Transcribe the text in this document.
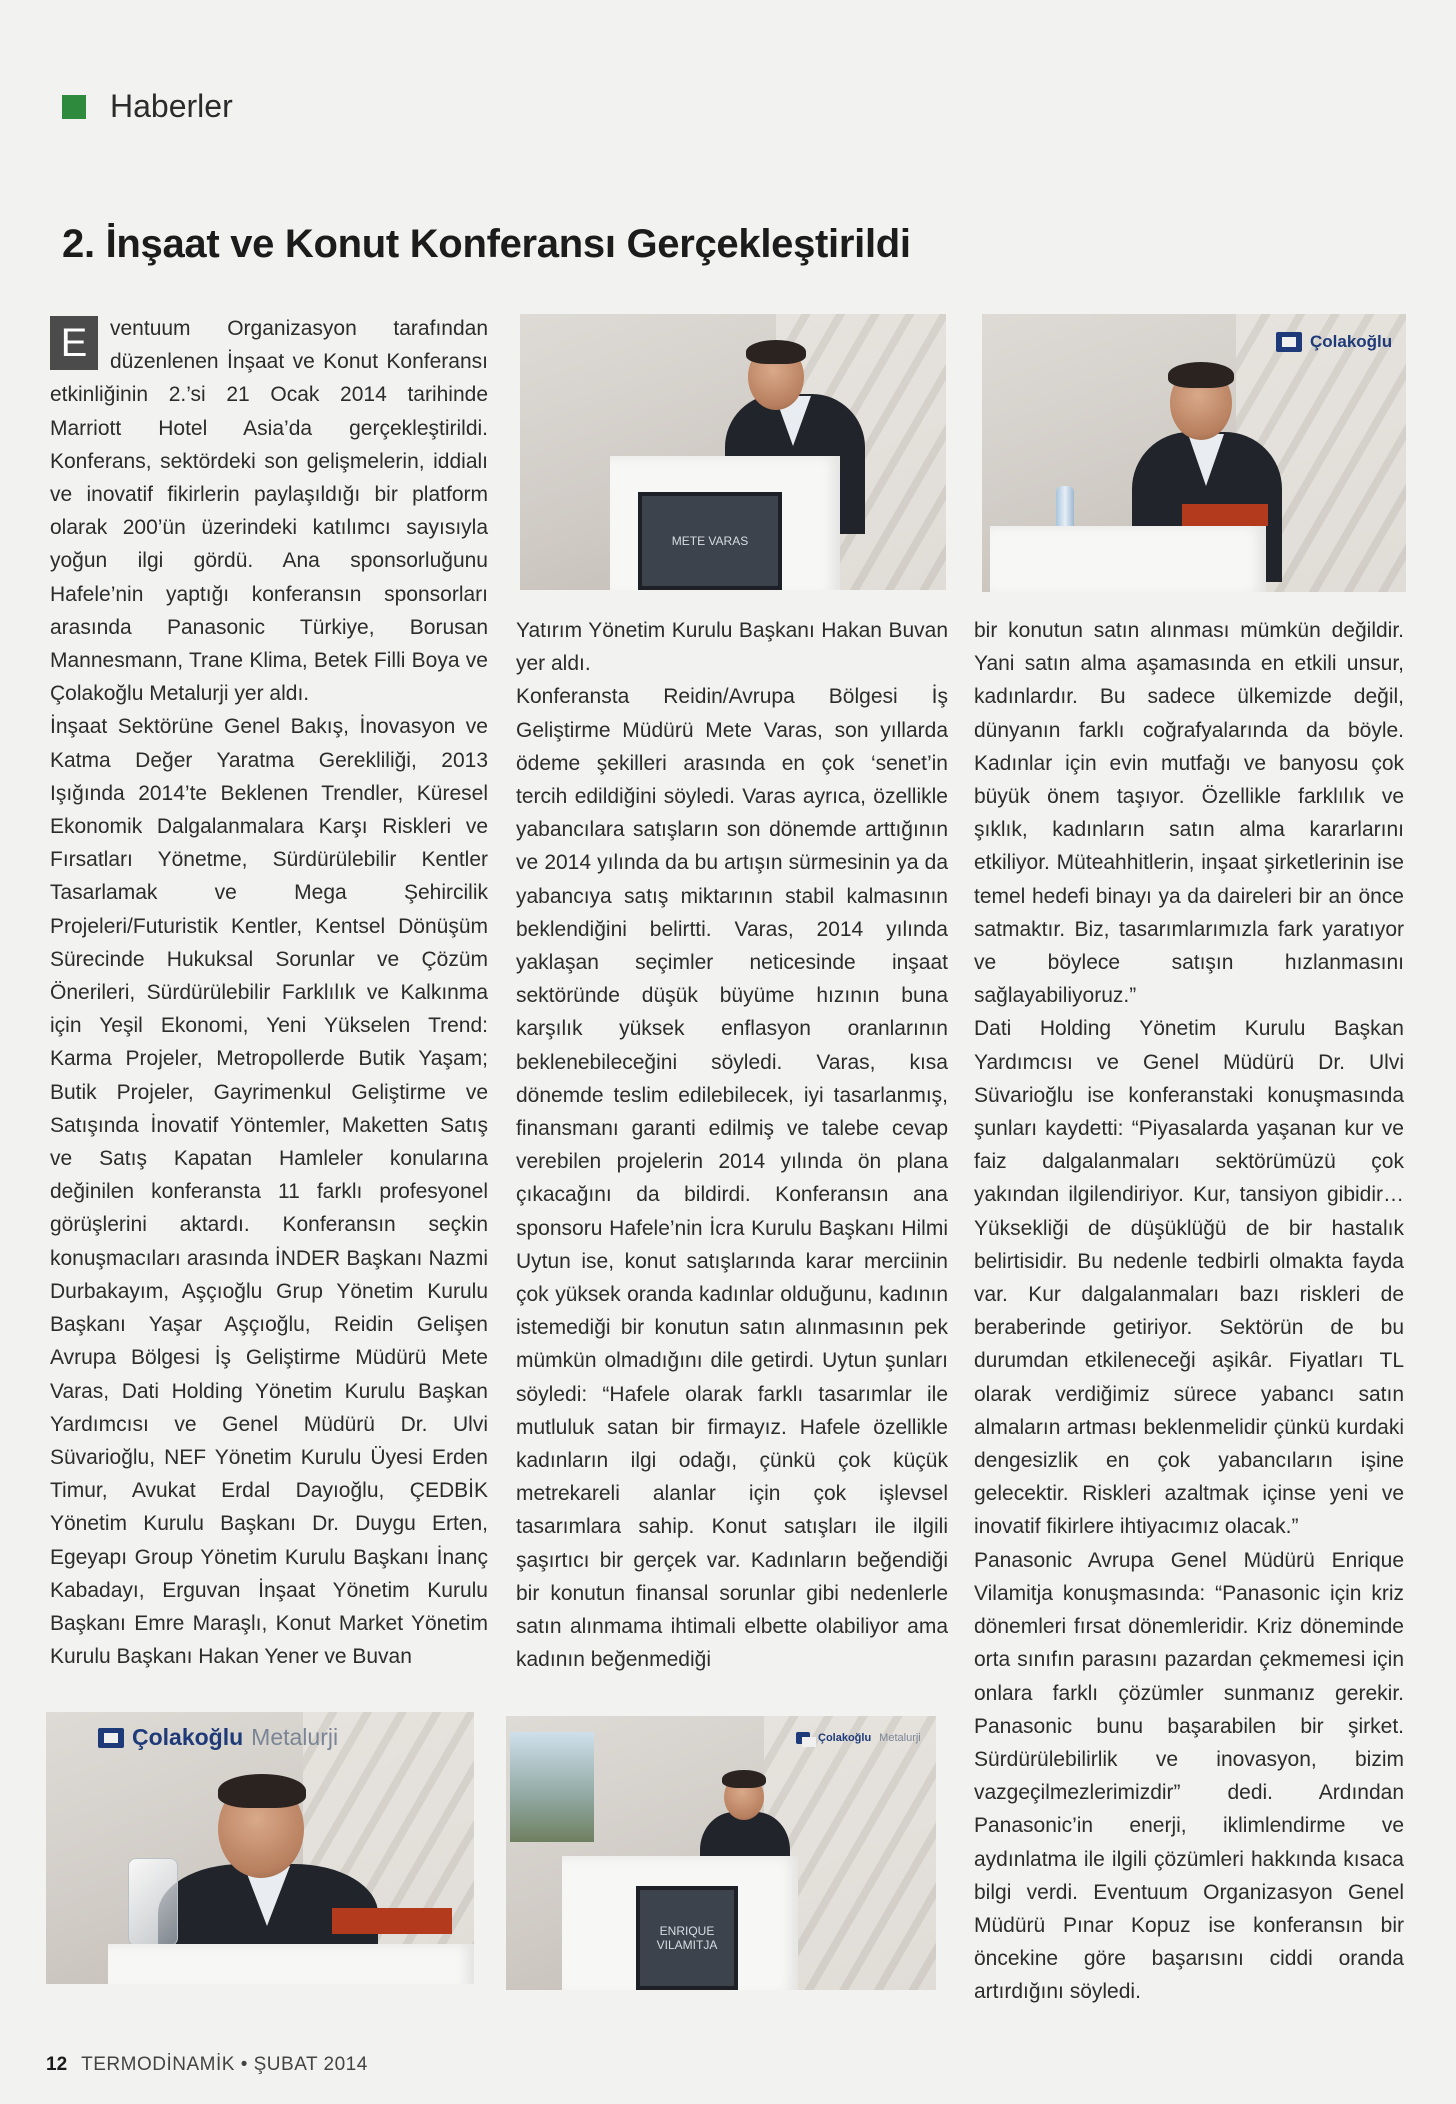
Haberler
2. İnşaat ve Konut Konferansı Gerçekleştirildi

E	ventuum Organizasyon tarafından düzenlenen İnşaat ve Konut Konferansı etkinliğinin 2.’si 21 Ocak 2014 tarihinde Marriott Hotel Asia’da gerçekleştirildi. Konferans, sektördeki son gelişmelerin, iddialı ve inovatif fikirlerin paylaşıldığı bir platform olarak 200’ün üzerindeki katılımcı sayısıyla yoğun ilgi gördü. Ana sponsorluğunu Hafele’nin yaptığı konferansın sponsorları arasında Panasonic Türkiye, Borusan Mannesmann, Trane Klima, Betek Filli Boya ve Çolakoğlu Metalurji yer aldı.

İnşaat Sektörüne Genel Bakış, İnovasyon ve Katma Değer Yaratma Gerekliliği, 2013 Işığında 2014’te Beklenen Trendler, Küresel Ekonomik Dalgalanmalara Karşı Riskleri ve Fırsatları Yönetme, Sürdürülebilir Kentler Tasarlamak ve Mega Şehircilik Projeleri/Futuristik Kentler, Kentsel Dönüşüm Sürecinde Hukuksal Sorunlar ve Çözüm Önerileri, Sürdürülebilir Farklılık ve Kalkınma için Yeşil Ekonomi, Yeni Yükselen Trend: Karma Projeler, Metropollerde Butik Yaşam; Butik Projeler, Gayrimenkul Geliştirme ve Satışında İnovatif Yöntemler, Maketten Satış ve Satış Kapatan Hamleler konularına değinilen konferansta 11 farklı profesyonel görüşlerini aktardı. Konferansın seçkin konuşmacıları arasında İNDER Başkanı Nazmi Durbakayım, Aşçıoğlu Grup Yönetim Kurulu Başkanı Yaşar Aşçıoğlu, Reidin Gelişen Avrupa Bölgesi İş Geliştirme Müdürü Mete Varas, Dati Holding Yönetim Kurulu Başkan Yardımcısı ve Genel Müdürü Dr. Ulvi Süvarioğlu, NEF Yönetim Kurulu Üyesi Erden Timur, Avukat Erdal Dayıoğlu, ÇEDBİK Yönetim Kurulu Başkanı Dr. Duygu Erten, Egeyapı Group Yönetim Kurulu Başkanı İnanç Kabadayı, Erguvan İnşaat Yönetim Kurulu Başkanı Emre Maraşlı, Konut Market Yönetim Kurulu Başkanı Hakan Yener ve Buvan

Yatırım Yönetim Kurulu Başkanı Hakan Buvan yer aldı.

Konferansta Reidin/Avrupa Bölgesi İş Geliştirme Müdürü Mete Varas, son yıllarda ödeme şekilleri arasında en çok ‘senet’in tercih edildiğini söyledi. Varas ayrıca, özellikle yabancılara satışların son dönemde arttığının ve 2014 yılında da bu artışın sürmesinin ya da yabancıya satış miktarının stabil kalmasının beklendiğini belirtti. Varas, 2014 yılında yaklaşan seçimler neticesinde inşaat sektöründe düşük büyüme hızının buna karşılık yüksek enflasyon oranlarının beklenebileceğini söyledi. Varas, kısa dönemde teslim edilebilecek, iyi tasarlanmış, finansmanı garanti edilmiş ve talebe cevap verebilen projelerin 2014 yılında ön plana çıkacağını da bildirdi. Konferansın ana sponsoru Hafele’nin İcra Kurulu Başkanı Hilmi Uytun ise, konut satışlarında karar merciinin çok yüksek oranda kadınlar olduğunu, kadının istemediği bir konutun satın alınmasının pek mümkün olmadığını dile getirdi. Uytun şunları söyledi: “Hafele olarak farklı tasarımlar ile mutluluk satan bir firmayız. Hafele özellikle kadınların ilgi odağı, çünkü çok küçük metrekareli alanlar için çok işlevsel tasarımlara sahip. Konut satışları ile ilgili şaşırtıcı bir gerçek var. Kadınların beğendiği bir konutun finansal sorunlar gibi nedenlerle satın alınmama ihtimali elbette olabiliyor ama kadının beğenmediği

bir konutun satın alınması mümkün değildir. Yani satın alma aşamasında en etkili unsur, kadınlardır. Bu sadece ülkemizde değil, dünyanın farklı coğrafyalarında da böyle. Kadınlar için evin mutfağı ve banyosu çok büyük önem taşıyor. Özellikle farklılık ve şıklık, kadınların satın alma kararlarını etkiliyor. Müteahhitlerin, inşaat şirketlerinin ise temel hedefi binayı ya da daireleri bir an önce satmaktır. Biz, tasarımlarımızla fark yaratıyor ve böylece satışın hızlanmasını sağlayabiliyoruz.”

Dati Holding Yönetim Kurulu Başkan Yardımcısı ve Genel Müdürü Dr. Ulvi Süvarioğlu ise konferanstaki konuşmasında şunları kaydetti: “Piyasalarda yaşanan kur ve faiz dalgalanmaları sektörümüzü çok yakından ilgilendiriyor. Kur, tansiyon gibidir… Yüksekliği de düşüklüğü de bir hastalık belirtisidir. Bu nedenle tedbirli olmakta fayda var. Kur dalgalanmaları bazı riskleri de beraberinde getiriyor. Sektörün de bu durumdan etkileneceği aşikâr. Fiyatları TL olarak verdiğimiz sürece yabancı satın almaların artması beklenmelidir çünkü kurdaki dengesizlik en çok yabancıların işine gelecektir. Riskleri azaltmak içinse yeni ve inovatif fikirlere ihtiyacımız olacak.”

Panasonic Avrupa Genel Müdürü Enrique Vilamitja konuşmasında: “Panasonic için kriz dönemleri fırsat dönemleridir. Kriz döneminde orta sınıfın parasını pazardan çekmemesi için onlara farklı çözümler sunmanız gerekir. Panasonic bunu başarabilen bir şirket. Sürdürülebilirlik ve inovasyon, bizim vazgeçilmezlerimizdir” dedi. Ardından Panasonic’in enerji, iklimlendirme ve aydınlatma ile ilgili çözümleri hakkında kısaca bilgi verdi. Eventuum Organizasyon Genel Müdürü Pınar Kopuz ise konferansın bir öncekine göre başarısını ciddi oranda artırdığını söyledi.

METE VARAS
Çolakoğlu
Çolakoğlu Metalurji	Çolakoğlu Metalurji
ENRIQUE VILAMITJA
12 TERMODİNAMİK • ŞUBAT 2014
